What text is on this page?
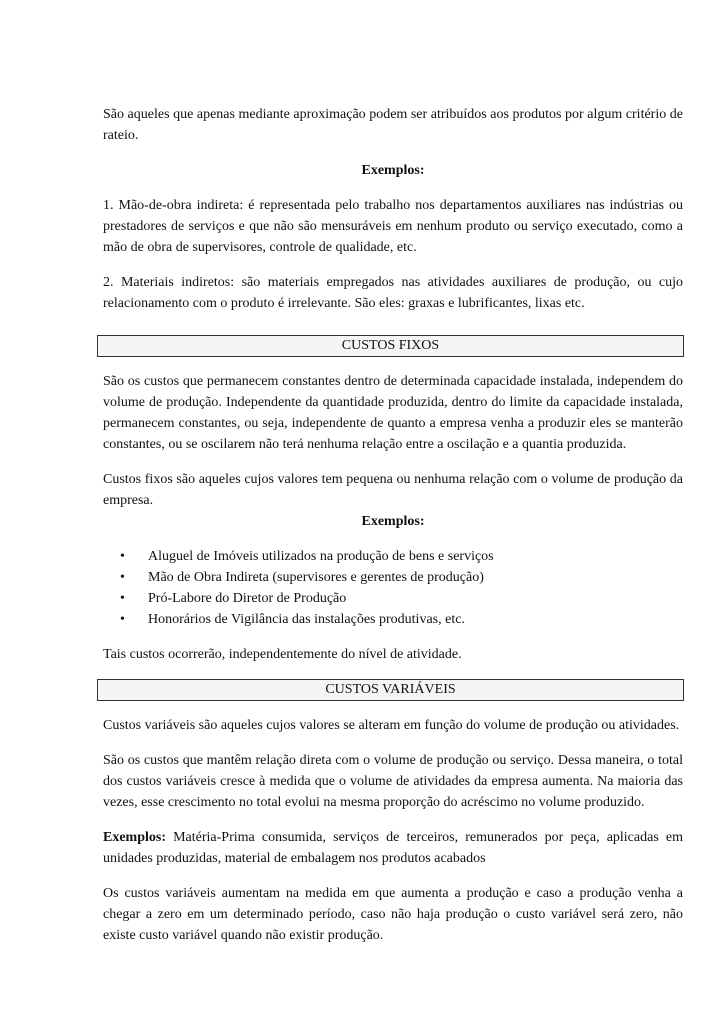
São aqueles que apenas mediante aproximação podem ser atribuídos aos produtos por algum critério de rateio.

Exemplos:

1. Mão-de-obra indireta: é representada pelo trabalho nos departamentos auxiliares nas indústrias ou prestadores de serviços e que não são mensuráveis em nenhum produto ou serviço executado, como a mão de obra de supervisores, controle de qualidade, etc.

2. Materiais indiretos: são materiais empregados nas atividades auxiliares de produção, ou cujo relacionamento com o produto é irrelevante. São eles: graxas e lubrificantes, lixas etc.

CUSTOS FIXOS

São os custos que permanecem constantes dentro de determinada capacidade instalada, independem do volume de produção. Independente da quantidade produzida, dentro do limite da capacidade instalada, permanecem constantes, ou seja, independente de quanto a empresa venha a produzir eles se manterão constantes, ou se oscilarem não terá nenhuma relação entre a oscilação e a quantia produzida.

Custos fixos são aqueles cujos valores tem pequena ou nenhuma relação com o volume de produção da empresa.

Exemplos:

• Aluguel de Imóveis utilizados na produção de bens e serviços
• Mão de Obra Indireta (supervisores e gerentes de produção)
• Pró-Labore do Diretor de Produção
• Honorários de Vigilância das instalações produtivas, etc.

Tais custos ocorrerão, independentemente do nível de atividade.

CUSTOS VARIÁVEIS

Custos variáveis são aqueles cujos valores se alteram em função do volume de produção ou atividades.

São os custos que mantêm relação direta com o volume de produção ou serviço. Dessa maneira, o total dos custos variáveis cresce à medida que o volume de atividades da empresa aumenta. Na maioria das vezes, esse crescimento no total evolui na mesma proporção do acréscimo no volume produzido.

Exemplos: Matéria-Prima consumida, serviços de terceiros, remunerados por peça, aplicadas em unidades produzidas, material de embalagem nos produtos acabados

Os custos variáveis aumentam na medida em que aumenta a produção e caso a produção venha a chegar a zero em um determinado período, caso não haja produção o custo variável será zero, não existe custo variável quando não existir produção.
